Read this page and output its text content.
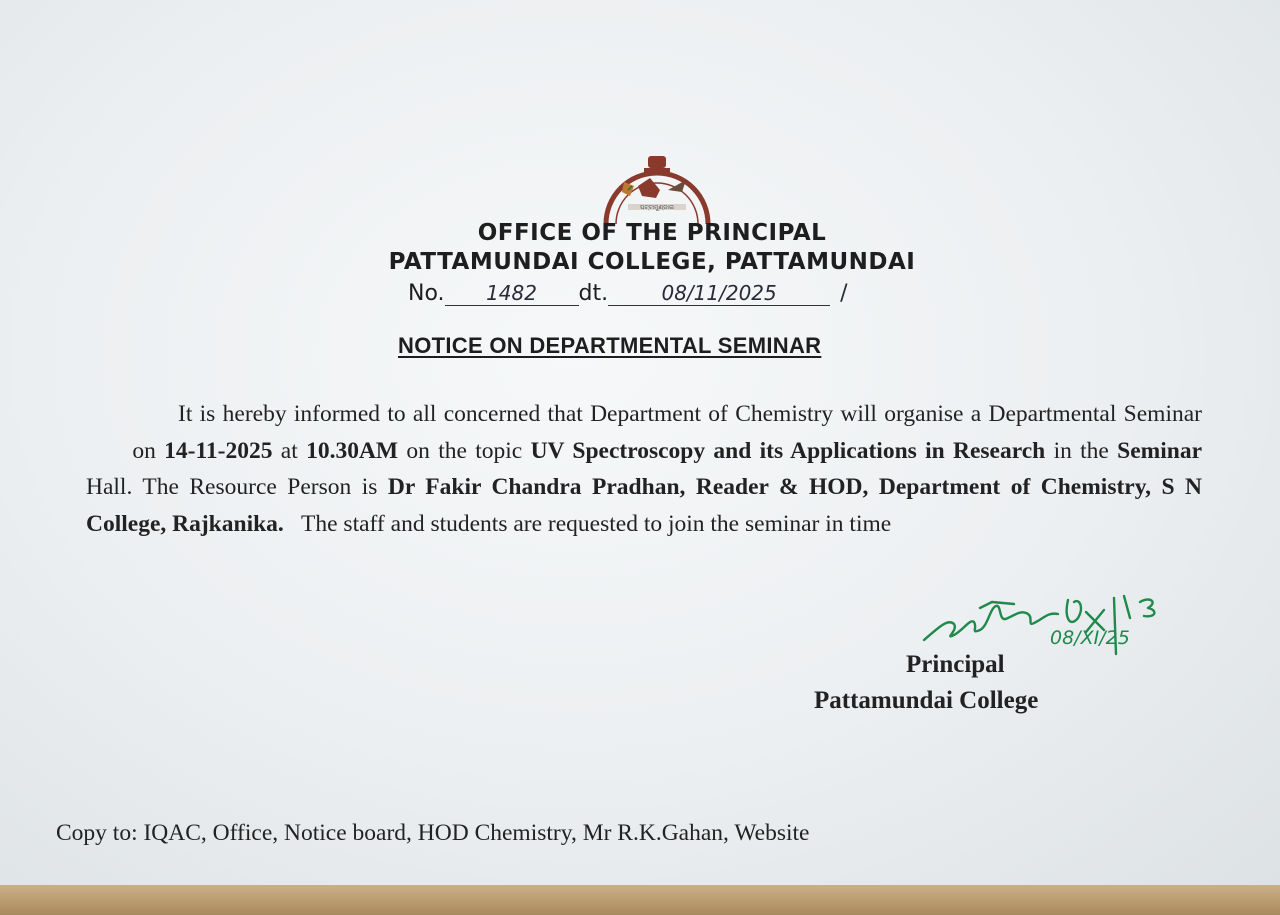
ପଟ୍ଟାମୁଣ୍ଡାଇ
OFFICE OF THE PRINCIPAL
PATTAMUNDAI COLLEGE, PATTAMUNDAI
No. 1482 dt.	08/11/2025	/
NOTICE ON DEPARTMENTAL SEMINAR
It is hereby informed to all concerned that Department of Chemistry will organise a Departmental Seminar on 14-11-2025 at 10.30AM on the topic UV Spectroscopy and its Applications in Research in the Seminar Hall. The Resource Person is Dr Fakir Chandra Pradhan, Reader & HOD, Department of Chemistry, S N College, Rajkanika. The staff and students are requested to join the seminar in time
08/XI/25
Principal
Pattamundai College
Copy to: IQAC, Office, Notice board, HOD Chemistry, Mr R.K.Gahan, Website
